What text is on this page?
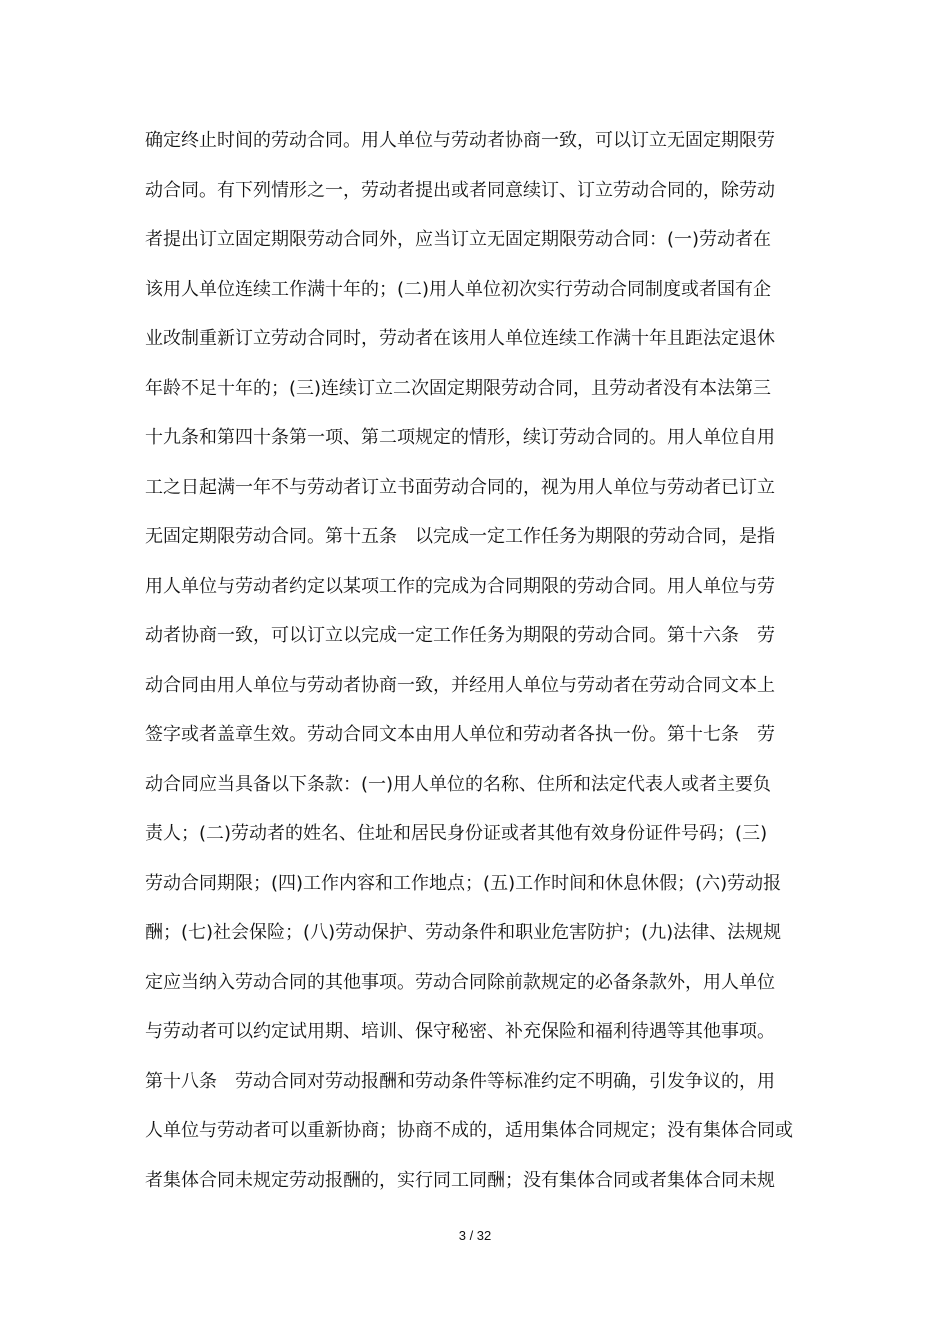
确定终止时间的劳动合同。用人单位与劳动者协商一致，可以订立无固定期限劳
动合同。有下列情形之一，劳动者提出或者同意续订、订立劳动合同的，除劳动
者提出订立固定期限劳动合同外，应当订立无固定期限劳动合同：(一)劳动者在
该用人单位连续工作满十年的；(二)用人单位初次实行劳动合同制度或者国有企
业改制重新订立劳动合同时，劳动者在该用人单位连续工作满十年且距法定退休
年龄不足十年的；(三)连续订立二次固定期限劳动合同，且劳动者没有本法第三
十九条和第四十条第一项、第二项规定的情形，续订劳动合同的。用人单位自用
工之日起满一年不与劳动者订立书面劳动合同的，视为用人单位与劳动者已订立
无固定期限劳动合同。第十五条　以完成一定工作任务为期限的劳动合同，是指
用人单位与劳动者约定以某项工作的完成为合同期限的劳动合同。用人单位与劳
动者协商一致，可以订立以完成一定工作任务为期限的劳动合同。第十六条　劳
动合同由用人单位与劳动者协商一致，并经用人单位与劳动者在劳动合同文本上
签字或者盖章生效。劳动合同文本由用人单位和劳动者各执一份。第十七条　劳
动合同应当具备以下条款：(一)用人单位的名称、住所和法定代表人或者主要负
责人；(二)劳动者的姓名、住址和居民身份证或者其他有效身份证件号码；(三)
劳动合同期限；(四)工作内容和工作地点；(五)工作时间和休息休假；(六)劳动报
酬；(七)社会保险；(八)劳动保护、劳动条件和职业危害防护；(九)法律、法规规
定应当纳入劳动合同的其他事项。劳动合同除前款规定的必备条款外，用人单位
与劳动者可以约定试用期、培训、保守秘密、补充保险和福利待遇等其他事项。
第十八条　劳动合同对劳动报酬和劳动条件等标准约定不明确，引发争议的，用
人单位与劳动者可以重新协商；协商不成的，适用集体合同规定；没有集体合同或
者集体合同未规定劳动报酬的，实行同工同酬；没有集体合同或者集体合同未规
3 / 32
